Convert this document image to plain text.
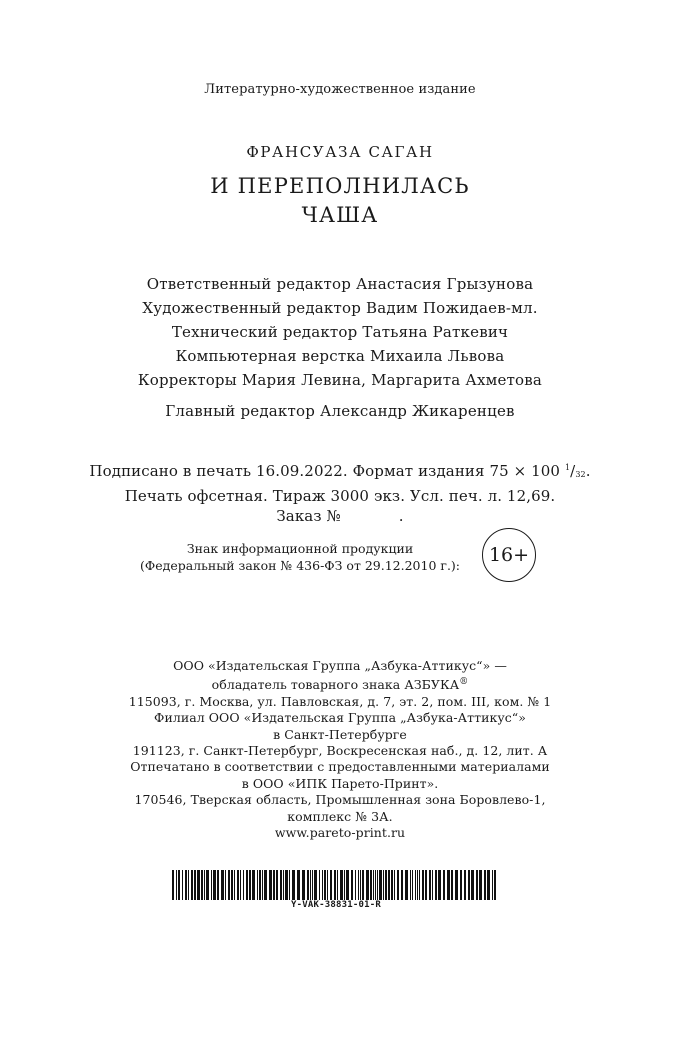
Литературно-художественное издание
ФРАНСУАЗА САГАН
И ПЕРЕПОЛНИЛАСЬ
ЧАША
Ответственный редактор Анастасия Грызунова
Художественный редактор Вадим Пожидаев-мл.
Технический редактор Татьяна Раткевич
Компьютерная верстка Михаила Львова
Корректоры Мария Левина, Маргарита Ахметова
Главный редактор Александр Жикаренцев
Подписано в печать 16.09.2022. Формат издания 75 × 100 $^1$/32.
Печать офсетная. Тираж 3000 экз. Усл. печ. л. 12,69.
Заказ №	.
Знак информационной продукции
(Федеральный закон № 436-ФЗ от 29.12.2010 г.):	16+
ООО «Издательская Группа „Азбука-Аттикус“» —
обладатель товарного знака АЗБУКА®
115093, г. Москва, ул. Павловская, д. 7, эт. 2, пом. III, ком. № 1
Филиал ООО «Издательская Группа „Азбука-Аттикус“»
в Санкт-Петербурге
191123, г. Санкт-Петербург, Воскресенская наб., д. 12, лит. А
Отпечатано в соответствии с предоставленными материалами
в ООО «ИПК Парето-Принт».
170546, Тверская область, Промышленная зона Боровлево-1,
комплекс № 3А.
www.pareto-print.ru
Y-VAK-38831-01-R
